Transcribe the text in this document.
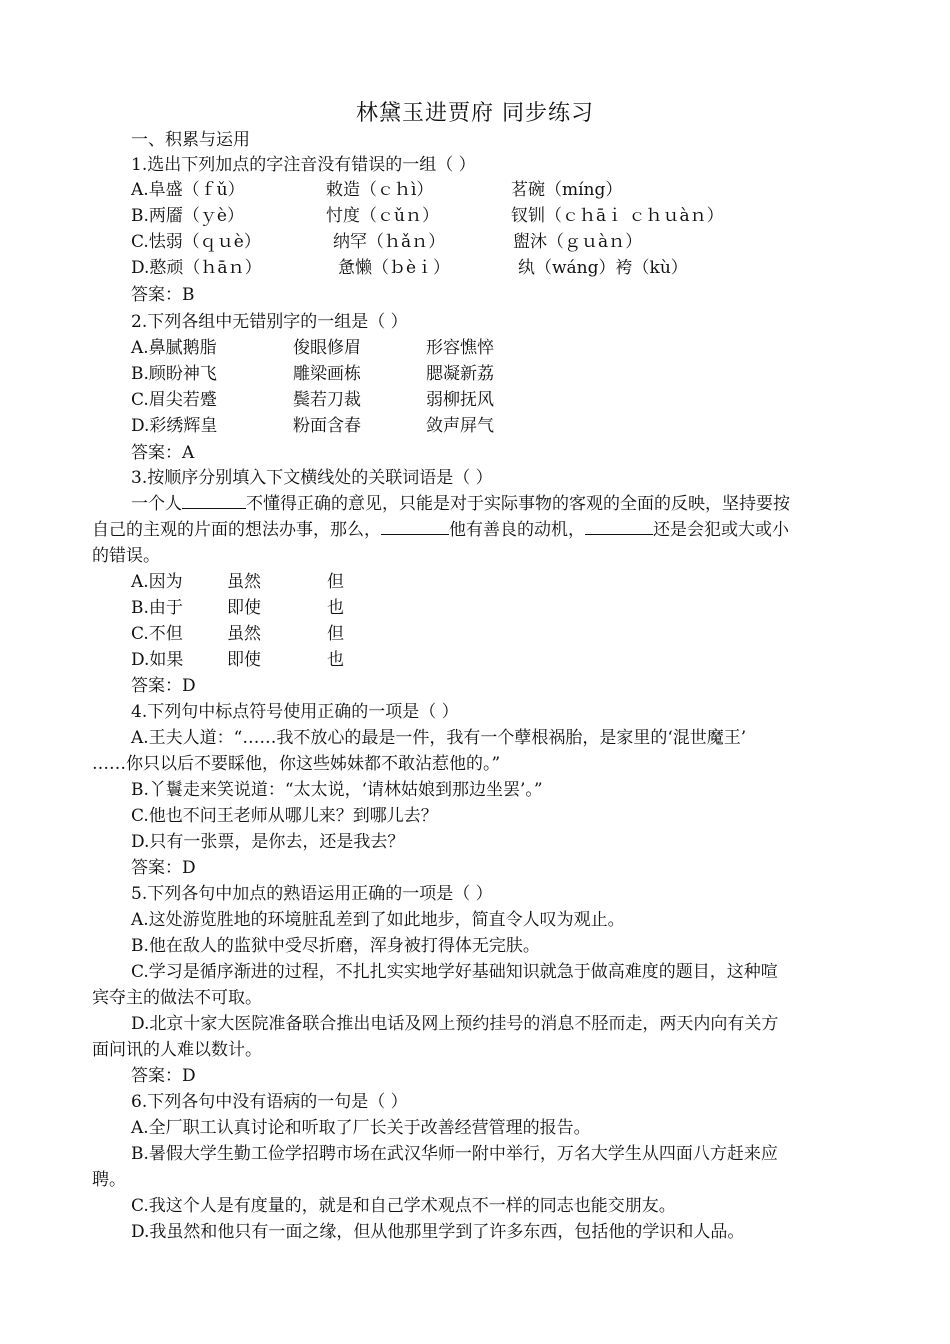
林黛玉进贾府 同步练习
一、积累与运用
1.选出下列加点的字注音没有错误的一组（ ）
A.阜盛（ｆǔ）	敕造（ｃｈì）	茗碗（míng）
B.两靥（ｙè）	忖度（ｃǔｎ）	钗钏（ｃｈāｉ ｃｈｕàｎ）
C.怯弱（ｑｕè）	纳罕（ｈǎｎ）	盥沐（ｇｕàｎ）
D.憨顽（ｈāｎ）	惫懒（ｂèｉ）	纨（wáng）袴（kù）
答案：B
2.下列各组中无错别字的一组是（ ）
A.鼻腻鹅脂	俊眼修眉	形容憔悴
B.顾盼神飞	雕梁画栋	腮凝新荔
C.眉尖若蹙	鬓若刀裁	弱柳抚风
D.彩绣辉皇	粉面含春	敛声屏气
答案：A
3.按顺序分别填入下文横线处的关联词语是（ ）
一个人	不懂得正确的意见，只能是对于实际事物的客观的全面的反映，坚持要按
自己的主观的片面的想法办事，那么，	他有善良的动机，	还是会犯或大或小
的错误。
A.因为	虽然	但
B.由于	即使	也
C.不但	虽然	但
D.如果	即使	也
答案：D
4.下列句中标点符号使用正确的一项是（ ）
A.王夫人道：“……我不放心的最是一件，我有一个孽根祸胎，是家里的‘混世魔王’
……你只以后不要睬他，你这些姊妹都不敢沾惹他的。”
B.丫鬟走来笑说道：“太太说，‘请林姑娘到那边坐罢’。”
C.他也不问王老师从哪儿来？到哪儿去？
D.只有一张票，是你去，还是我去？
答案：D
5.下列各句中加点的熟语运用正确的一项是（ ）
A.这处游览胜地的环境脏乱差到了如此地步，简直令人叹为观止。
B.他在敌人的监狱中受尽折磨，浑身被打得体无完肤。
C.学习是循序渐进的过程，不扎扎实实地学好基础知识就急于做高难度的题目，这种喧
宾夺主的做法不可取。
D.北京十家大医院准备联合推出电话及网上预约挂号的消息不胫而走，两天内向有关方
面问讯的人难以数计。
答案：D
6.下列各句中没有语病的一句是（ ）
A.全厂职工认真讨论和听取了厂长关于改善经营管理的报告。
B.暑假大学生勤工俭学招聘市场在武汉华师一附中举行，万名大学生从四面八方赶来应
聘。
C.我这个人是有度量的，就是和自己学术观点不一样的同志也能交朋友。
D.我虽然和他只有一面之缘，但从他那里学到了许多东西，包括他的学识和人品。
